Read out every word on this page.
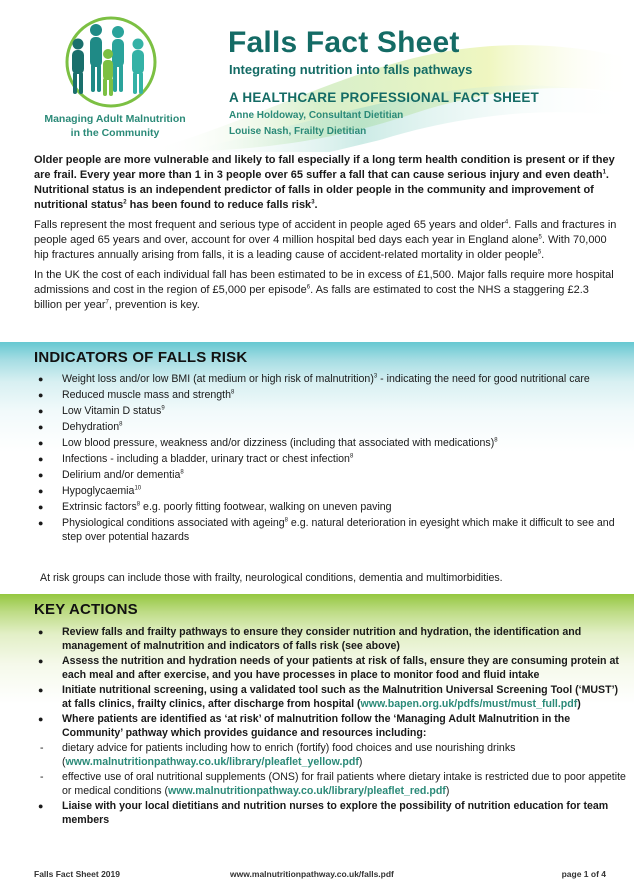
Managing Adult Malnutrition
in the Community
Falls Fact Sheet
Integrating nutrition into falls pathways
A HEALTHCARE PROFESSIONAL FACT SHEET
Anne Holdoway, Consultant Dietitian
Louise Nash, Frailty Dietitian

Older people are more vulnerable and likely to fall especially if a long term health condition is present or if they are frail. Every year more than 1 in 3 people over 65 suffer a fall that can cause serious injury and even death$^1$. Nutritional status is an independent predictor of falls in older people in the community and improvement of nutritional status$^2$ has been found to reduce falls risk$^3$.

Falls represent the most frequent and serious type of accident in people aged 65 years and older$^4$. Falls and fractures in people aged 65 years and over, account for over 4 million hospital bed days each year in England alone$^5$. With 70,000 hip fractures annually arising from falls, it is a leading cause of accident-related mortality in older people$^5$.

In the UK the cost of each individual fall has been estimated to be in excess of £1,500. Major falls require more hospital admissions and cost in the region of £5,000 per episode$^6$. As falls are estimated to cost the NHS a staggering £2.3 billion per year$^7$, prevention is key.

INDICATORS OF FALLS RISK
● Weight loss and/or low BMI (at medium or high risk of malnutrition)$^3$ - indicating the need for good nutritional care
● Reduced muscle mass and strength$^8$
● Low Vitamin D status$^9$
● Dehydration$^8$
● Low blood pressure, weakness and/or dizziness (including that associated with medications)$^8$
● Infections - including a bladder, urinary tract or chest infection$^8$
● Delirium and/or dementia$^8$
● Hypoglycaemia$^{10}$
● Extrinsic factors$^8$ e.g. poorly fitting footwear, walking on uneven paving
● Physiological conditions associated with ageing$^8$ e.g. natural deterioration in eyesight which make it difficult to see and step over potential hazards
At risk groups can include those with frailty, neurological conditions, dementia and multimorbidities.
KEY ACTIONS
● Review falls and frailty pathways to ensure they consider nutrition and hydration, the identification and management of malnutrition and indicators of falls risk (see above)
● Assess the nutrition and hydration needs of your patients at risk of falls, ensure they are consuming protein at each meal and after exercise, and you have processes in place to monitor food and fluid intake
● Initiate nutritional screening, using a validated tool such as the Malnutrition Universal Screening Tool (‘MUST’) at falls clinics, frailty clinics, after discharge from hospital (www.bapen.org.uk/pdfs/must/must_full.pdf)
● Where patients are identified as ‘at risk’ of malnutrition follow the ‘Managing Adult Malnutrition in the Community’ pathway which provides guidance and resources including:
- dietary advice for patients including how to enrich (fortify) food choices and use nourishing drinks (www.malnutritionpathway.co.uk/library/pleaflet_yellow.pdf)
- effective use of oral nutritional supplements (ONS) for frail patients where dietary intake is restricted due to poor appetite or medical conditions (www.malnutritionpathway.co.uk/library/pleaflet_red.pdf)
● Liaise with your local dietitians and nutrition nurses to explore the possibility of nutrition education for team members
Falls Fact Sheet 2019	www.malnutritionpathway.co.uk/falls.pdf	page 1 of 4
